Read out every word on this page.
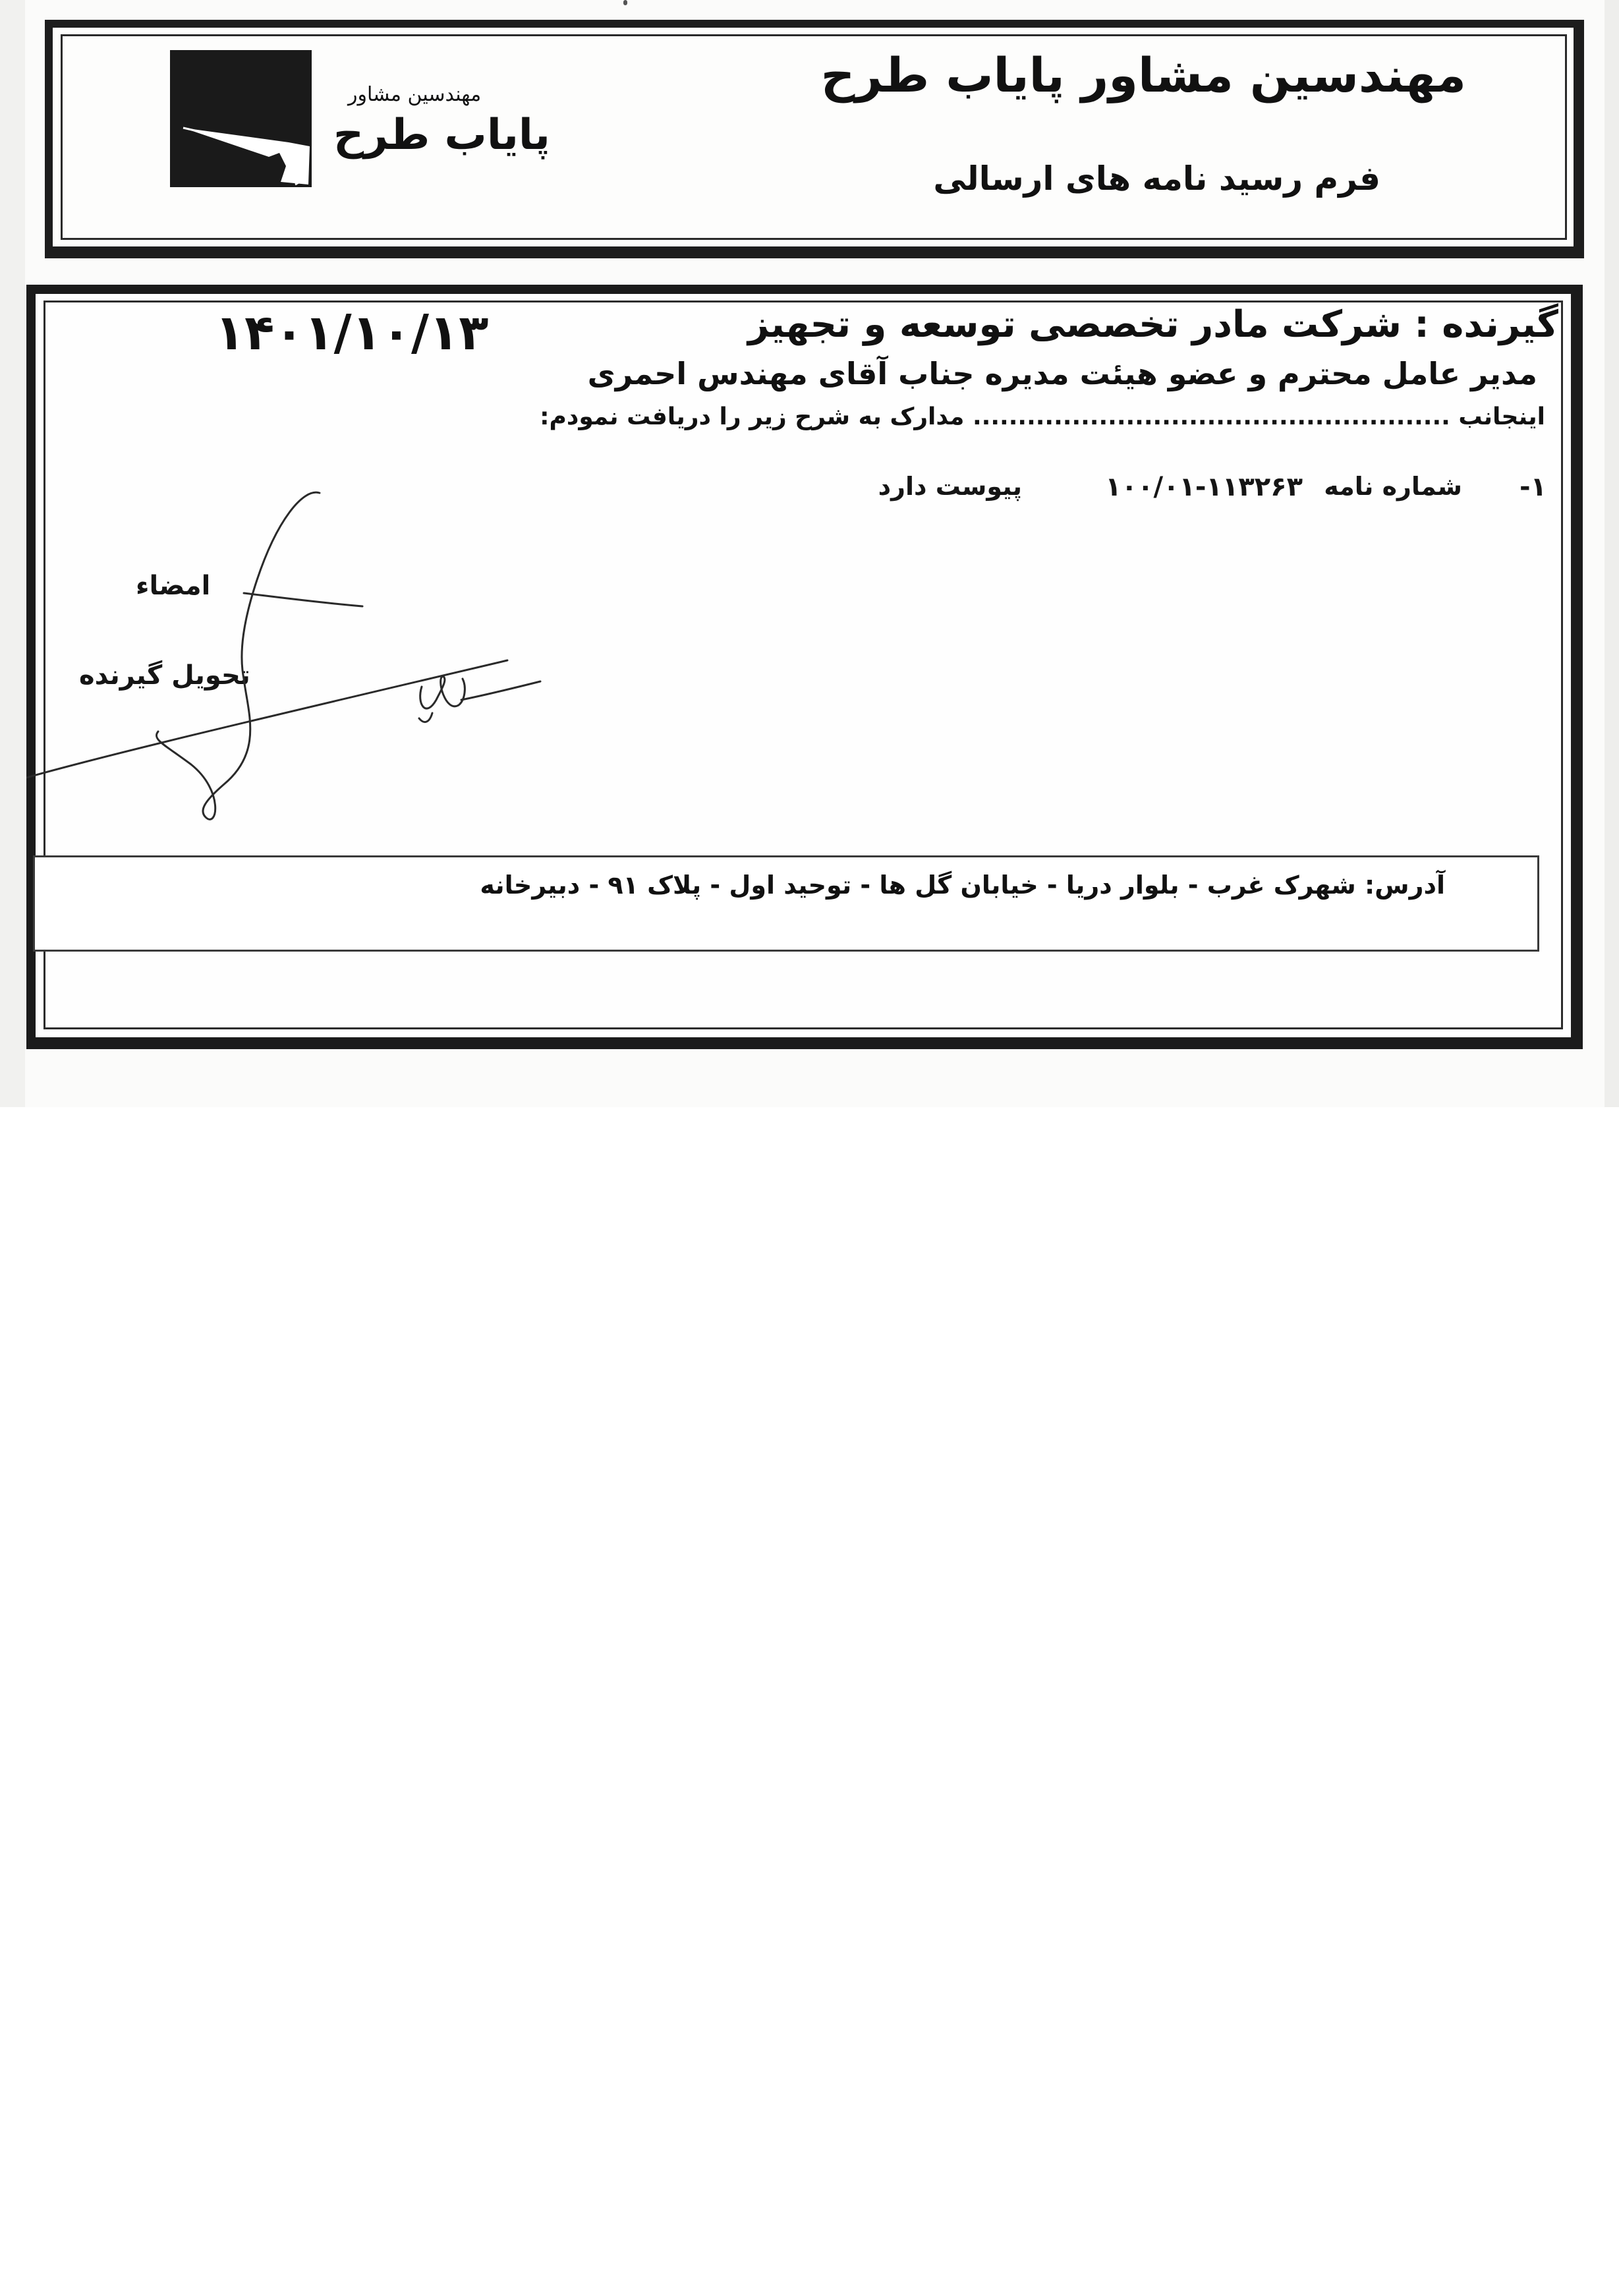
مهندسین مشاور
پایاب طرح
مهندسین مشاور پایاب طرح
فرم رسید نامه های ارسالی
۱۴۰۱/۱۰/۱۳	گیرنده : شرکت مادر تخصصی توسعه و تجهیز
مدیر عامل محترم و عضو هیئت مدیره جناب آقای مهندس احمری
اینجانب ..................................................... مدارک به شرح زیر را دریافت نمودم:
۱-
شماره نامه
۱۰۰/۰۱-۱۱۳۲۶۳
پیوست دارد
امضاء
تحویل گیرنده
آدرس: شهرک غرب - بلوار دریا - خیابان گل ها - توحید اول - پلاک ۹۱ - دبیرخانه
